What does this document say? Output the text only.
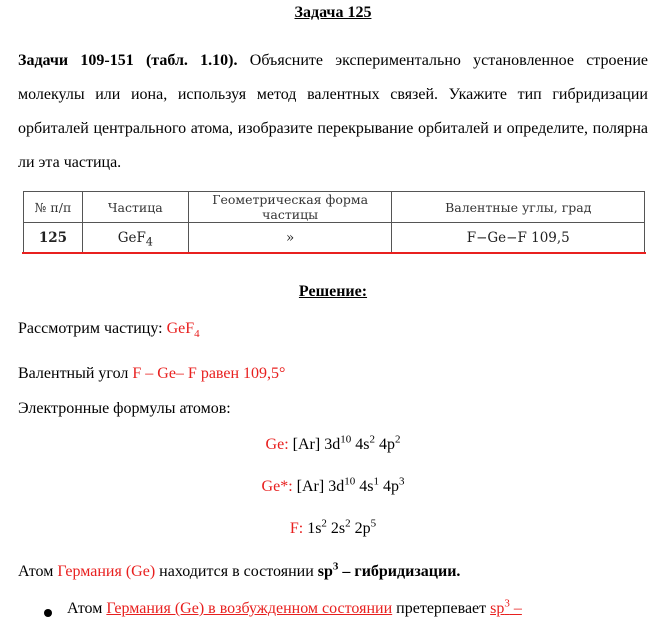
Задача 125
Задачи 109-151 (табл. 1.10). Объясните экспериментально установленное строение молекулы или иона, используя метод валентных связей. Укажите тип гибридизации орбиталей центрального атома, изобразите перекрывание орбиталей и определите, полярна ли эта частица.
№ п/п	Частица	Геометрическая форма частицы	Валентные углы, град
125	GeF$_4$	»	F−Ge−F 109,5
Решение:
Рассмотрим частицу: GeF$_4$
Валентный угол F – Ge– F равен 109,5°
Электронные формулы атомов:
Ge: [Ar] $3d^{10}$ $4s^2$ $4p^2$
Ge*: [Ar] $3d^{10}$ $4s^1$ $4p^3$
F: $1s^2$ $2s^2$ $2p^5$
Атом Германия (Ge) находится в состоянии $sp^3$ – гибридизации.
Атом Германия (Ge) в возбужденном состоянии претерпевает $sp^3$ –
